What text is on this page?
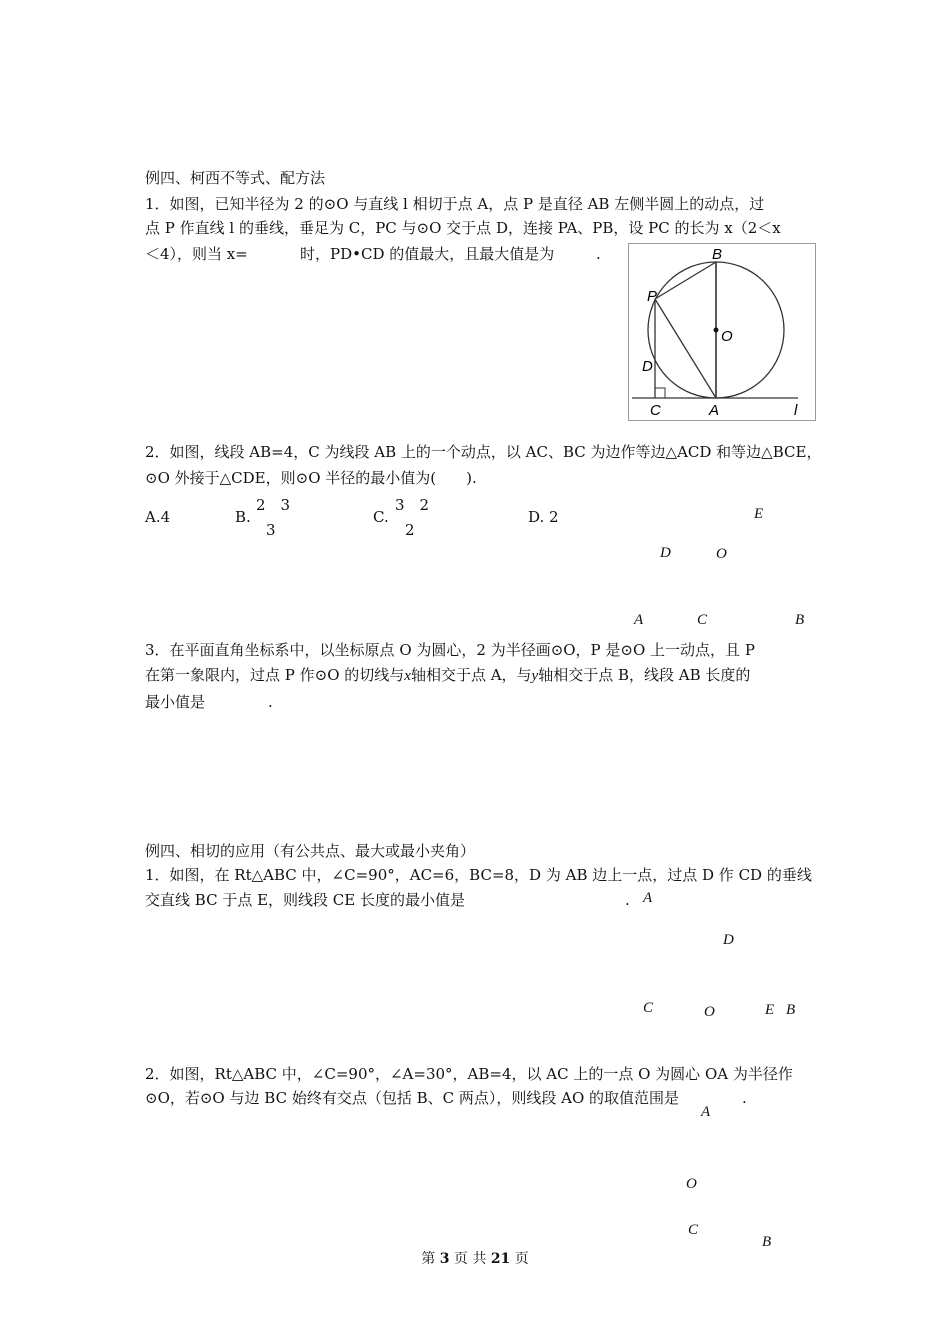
例四、柯西不等式、配方法
1．如图，已知半径为 2 的⊙O 与直线 l 相切于点 A，点 P 是直径 AB 左侧半圆上的动点，过
点 P 作直线 l 的垂线，垂足为 C，PC 与⊙O 交于点 D，连接 PA、PB，设 PC 的长为 x（2＜x
＜4），则当 x=	时，PD•CD 的值最大，且最大值是为	.	B
P
O
D
C	A	l
2．如图，线段 AB=4，C 为线段 AB 上的一个动点，以 AC、BC 为边作等边△ACD 和等边△BCE，
⊙O 外接于△CDE，则⊙O 半径的最小值为(　　).
A.4	B.
2　3
3
C.
3　2
2
D. 2	E
D	O
A	C	B
3．在平面直角坐标系中，以坐标原点 O 为圆心，2 为半径画⊙O，P 是⊙O 上一动点，且 P
在第一象限内，过点 P 作⊙O 的切线与x轴相交于点 A，与y轴相交于点 B，线段 AB 长度的
最小值是	.
例四、相切的应用（有公共点、最大或最小夹角）
1．如图，在 Rt△ABC 中，∠C=90°，AC=6，BC=8，D 为 AB 边上一点，过点 D 作 CD 的垂线
交直线 BC 于点 E，则线段 CE 长度的最小值是	. A
D
C	O	E B
2．如图，Rt△ABC 中，∠C=90°，∠A=30°，AB=4，以 AC 上的一点 O 为圆心 OA 为半径作
⊙O，若⊙O 与边 BC 始终有交点（包括 B、C 两点），则线段 AO 的取值范围是	.
A
O
C
B
第 3 页 共 21 页
